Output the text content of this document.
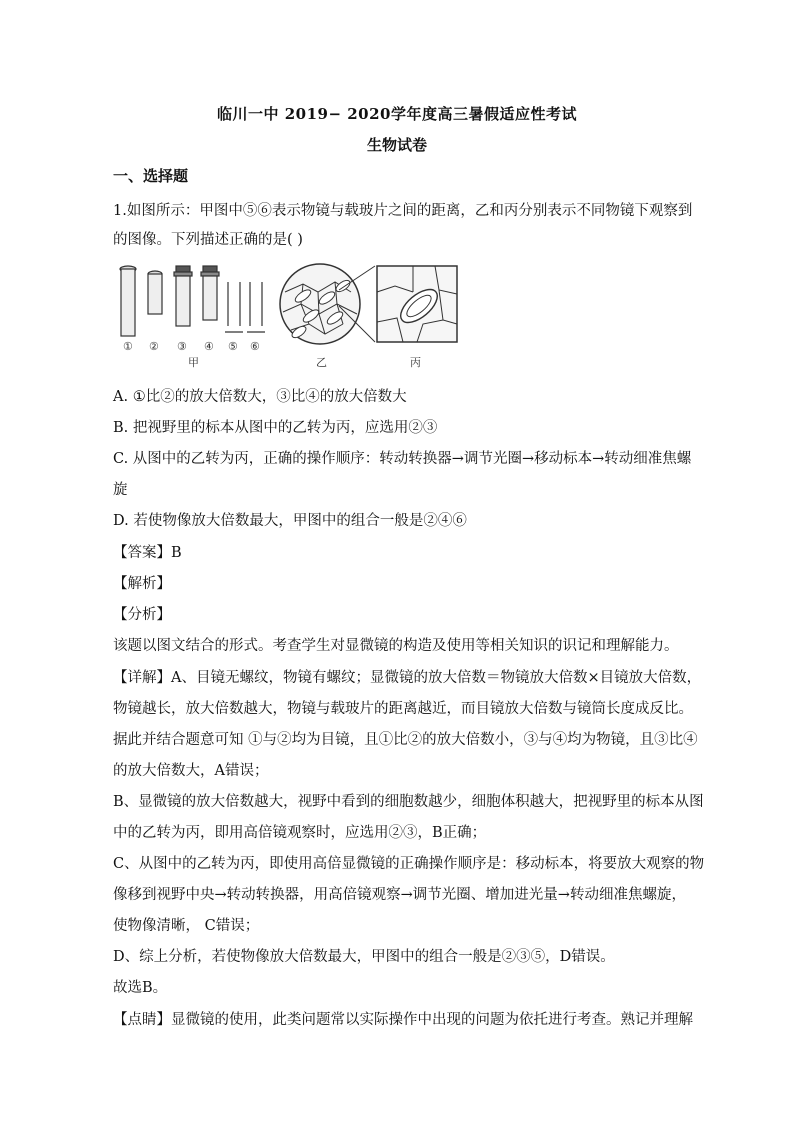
临川一中 2019− 2020学年度高三暑假适应性考试
生物试卷
一、选择题
1.如图所示：甲图中⑤⑥表示物镜与载玻片之间的距离，乙和丙分别表示不同物镜下观察到
的图像。下列描述正确的是( )
① ② ③ ④ ⑤ ⑥
甲	乙	丙
A. ①比②的放大倍数大，③比④的放大倍数大
B. 把视野里的标本从图中的乙转为丙，应选用②③
C. 从图中的乙转为丙，正确的操作顺序：转动转换器→调节光圈→移动标本→转动细准焦螺
旋
D. 若使物像放大倍数最大，甲图中的组合一般是②④⑥
【答案】B
【解析】
【分析】
该题以图文结合的形式。考查学生对显微镜的构造及使用等相关知识的识记和理解能力。
【详解】A、目镜无螺纹，物镜有螺纹；显微镜的放大倍数＝物镜放大倍数×目镜放大倍数，
物镜越长，放大倍数越大，物镜与载玻片的距离越近，而目镜放大倍数与镜筒长度成反比。
据此并结合题意可知 ①与②均为目镜，且①比②的放大倍数小，③与④均为物镜，且③比④
的放大倍数大，A错误；
B、显微镜的放大倍数越大，视野中看到的细胞数越少，细胞体积越大，把视野里的标本从图
中的乙转为丙，即用高倍镜观察时，应选用②③，B正确；
C、从图中的乙转为丙，即使用高倍显微镜的正确操作顺序是：移动标本，将要放大观察的物
像移到视野中央→转动转换器，用高倍镜观察→调节光圈、增加进光量→转动细准焦螺旋，
使物像清晰， C错误；
D、综上分析，若使物像放大倍数最大，甲图中的组合一般是②③⑤，D错误。
故选B。
【点睛】显微镜的使用，此类问题常以实际操作中出现的问题为依托进行考查。熟记并理解
